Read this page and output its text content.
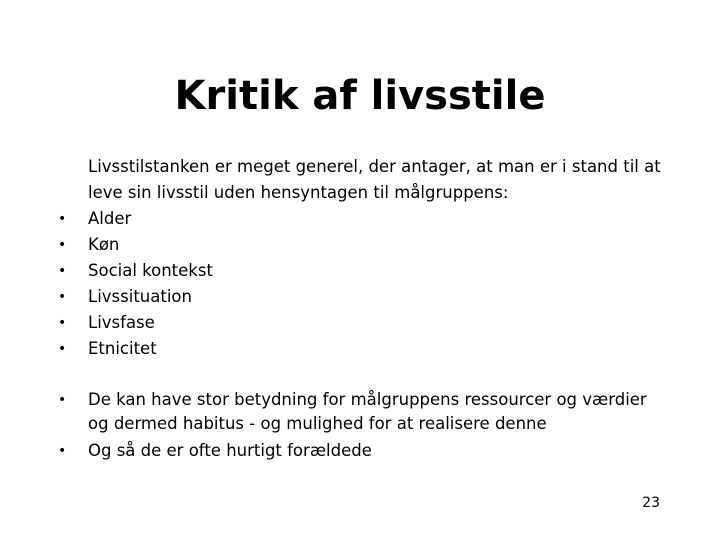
Kritik af livsstile
Livsstilstanken er meget generel, der antager, at man er i stand til at leve sin livsstil uden hensyntagen til målgruppens:
• Alder
• Køn
• Social kontekst
• Livssituation
• Livsfase
• Etnicitet
• De kan have stor betydning for målgruppens ressourcer og værdier og dermed habitus - og mulighed for at realisere denne
• Og så de er ofte hurtigt forældede
23
